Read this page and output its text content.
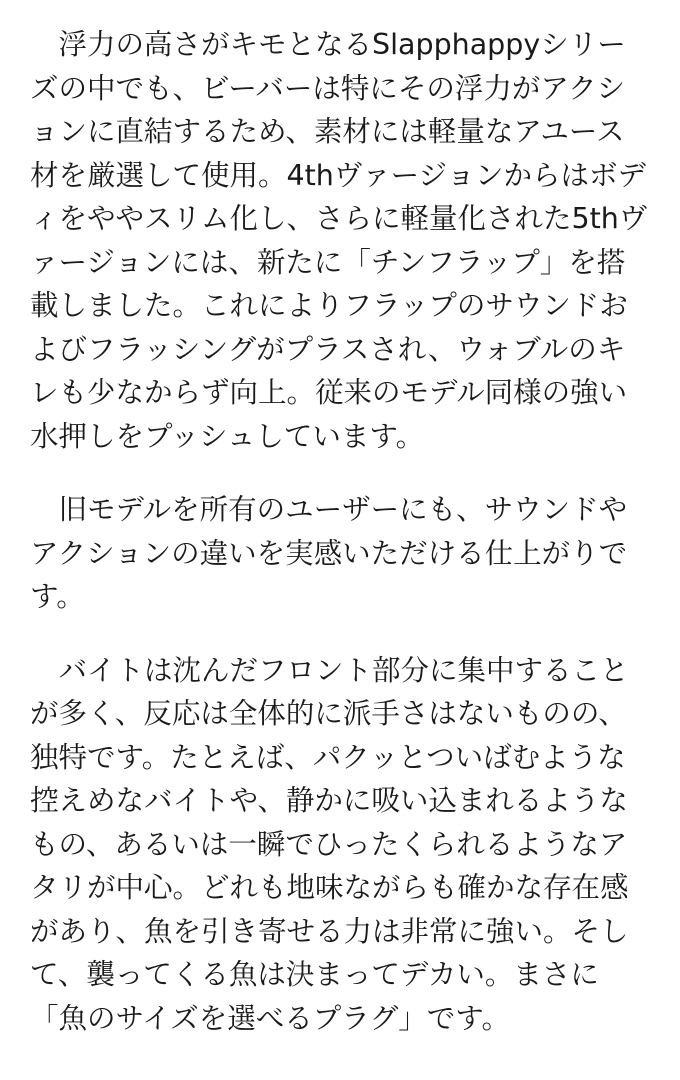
　浮力の高さがキモとなるSlapphappyシリーズの中でも、ビーバーは特にその浮力がアクションに直結するため、素材には軽量なアユース材を厳選して使用。4thヴァージョンからはボディをややスリム化し、さらに軽量化された5thヴァージョンには、新たに「チンフラップ」を搭載しました。これによりフラップのサウンドおよびフラッシングがプラスされ、ウォブルのキレも少なからず向上。従来のモデル同様の強い水押しをプッシュしています。

　旧モデルを所有のユーザーにも、サウンドやアクションの違いを実感いただける仕上がりです。

　バイトは沈んだフロント部分に集中することが多く、反応は全体的に派手さはないものの、独特です。たとえば、パクッとついばむような控えめなバイトや、静かに吸い込まれるようなもの、あるいは一瞬でひったくられるようなアタリが中心。どれも地味ながらも確かな存在感があり、魚を引き寄せる力は非常に強い。そして、襲ってくる魚は決まってデカい。まさに「魚のサイズを選べるプラグ」です。
